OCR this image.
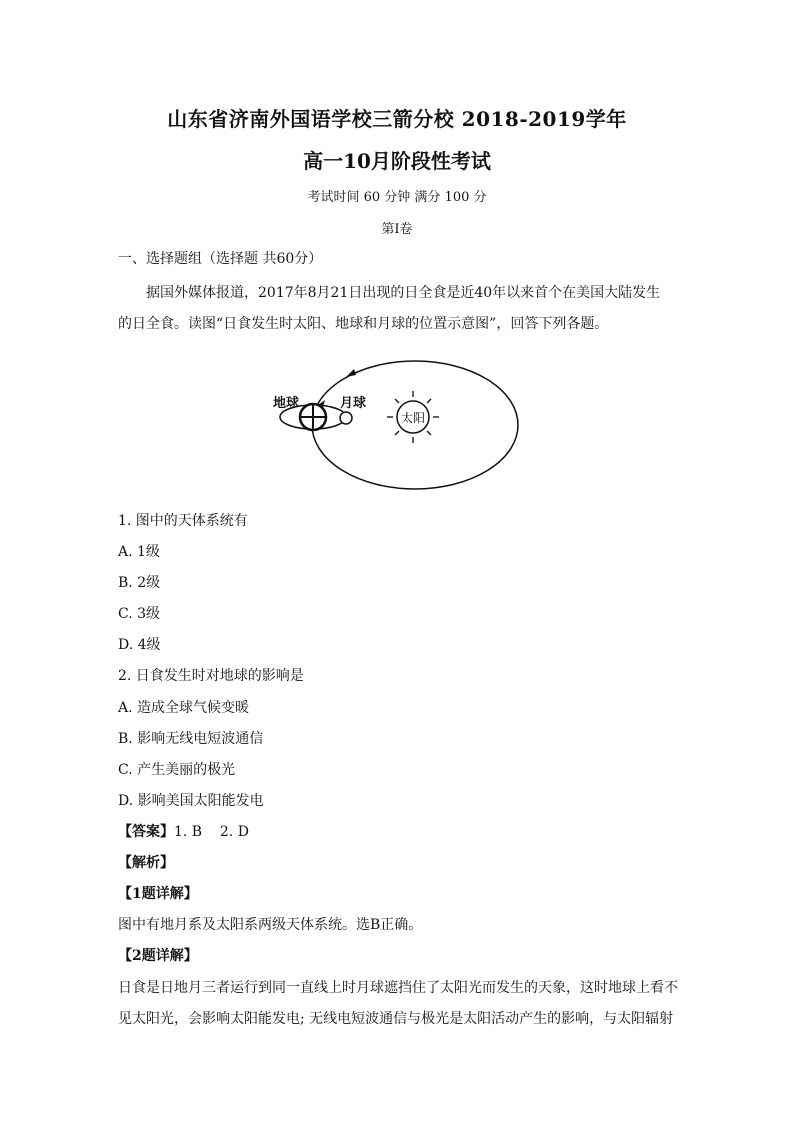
山东省济南外国语学校三箭分校 2018-2019学年
高一10月阶段性考试
考试时间 60 分钟 满分 100 分
第I卷
一、选择题组（选择题 共60分）
据国外媒体报道，2017年8月21日出现的日全食是近40年以来首个在美国大陆发生
的日全食。读图“日食发生时太阳、地球和月球的位置示意图”，回答下列各题。
地球	月球
太阳
1. 图中的天体系统有
A. 1级
B. 2级
C. 3级
D. 4级
2. 日食发生时对地球的影响是
A. 造成全球气候变暖
B. 影响无线电短波通信
C. 产生美丽的极光
D. 影响美国太阳能发电
【答案】1. B    2. D
【解析】
【1题详解】
图中有地月系及太阳系两级天体系统。选B正确。
【2题详解】
日食是日地月三者运行到同一直线上时月球遮挡住了太阳光而发生的天象，这时地球上看不
见太阳光，会影响太阳能发电; 无线电短波通信与极光是太阳活动产生的影响，与太阳辐射
